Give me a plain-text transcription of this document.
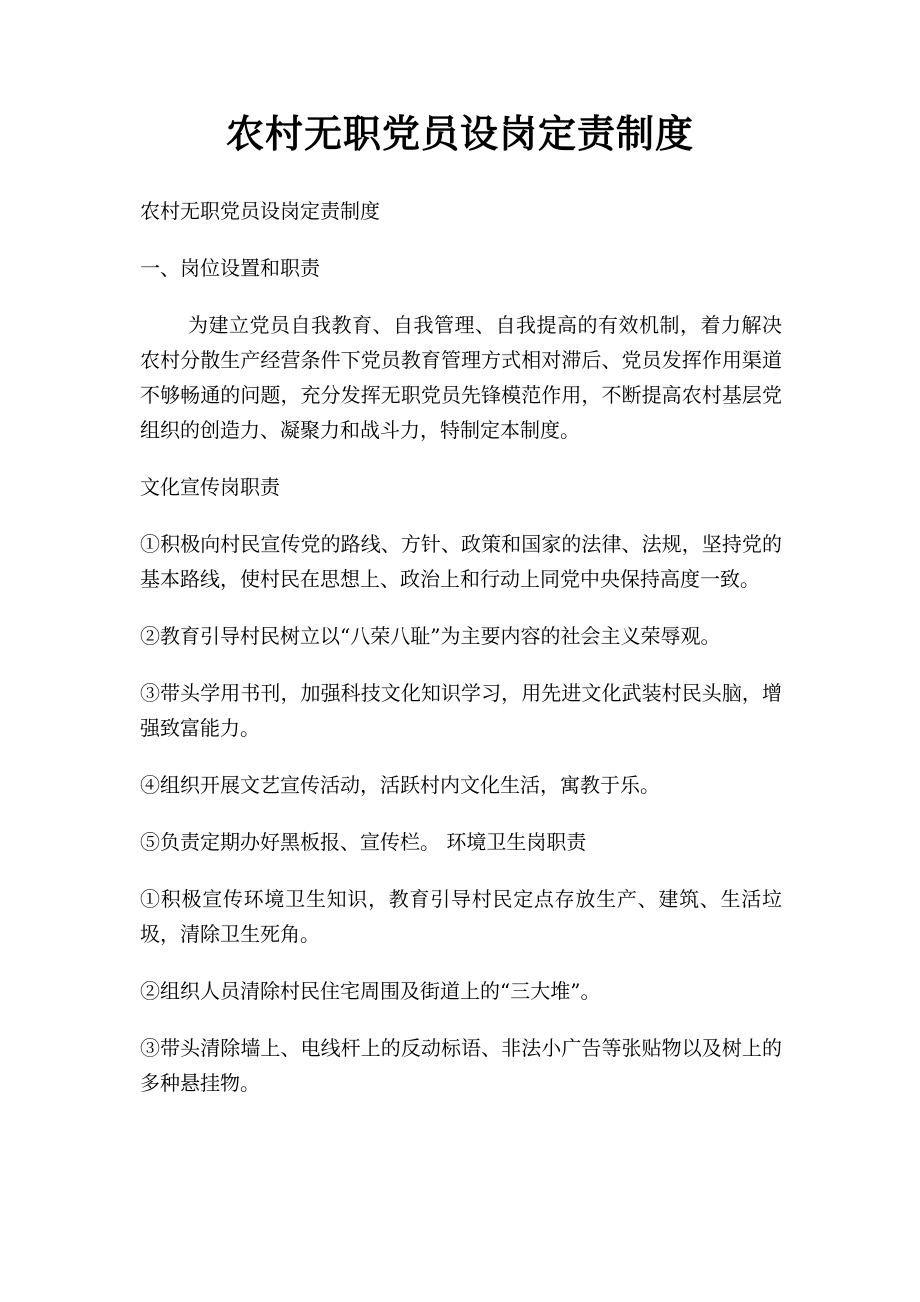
农村无职党员设岗定责制度

农村无职党员设岗定责制度

一、岗位设置和职责

为建立党员自我教育、自我管理、自我提高的有效机制，着力解决农村分散生产经营条件下党员教育管理方式相对滞后、党员发挥作用渠道不够畅通的问题，充分发挥无职党员先锋模范作用，不断提高农村基层党组织的创造力、凝聚力和战斗力，特制定本制度。

文化宣传岗职责

①积极向村民宣传党的路线、方针、政策和国家的法律、法规，坚持党的基本路线，使村民在思想上、政治上和行动上同党中央保持高度一致。

②教育引导村民树立以“八荣八耻”为主要内容的社会主义荣辱观。

③带头学用书刊，加强科技文化知识学习，用先进文化武装村民头脑，增强致富能力。

④组织开展文艺宣传活动，活跃村内文化生活，寓教于乐。

⑤负责定期办好黑板报、宣传栏。 环境卫生岗职责

①积极宣传环境卫生知识，教育引导村民定点存放生产、建筑、生活垃圾，清除卫生死角。

②组织人员清除村民住宅周围及街道上的“三大堆”。

③带头清除墙上、电线杆上的反动标语、非法小广告等张贴物以及树上的多种悬挂物。
